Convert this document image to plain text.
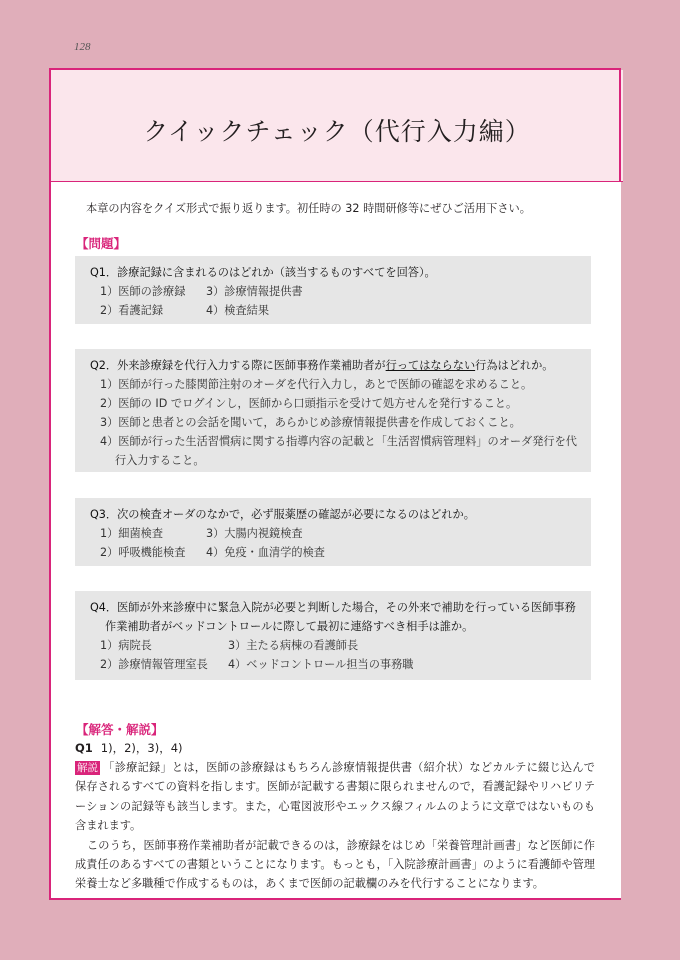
128
クイックチェック（代行入力編）
本章の内容をクイズ形式で振り返ります。初任時の 32 時間研修等にぜひご活用下さい。
【問題】
Q1．診療記録に含まれるのはどれか（該当するものすべてを回答）。
1）医師の診療録 3）診療情報提供書
2）看護記録	4）検査結果
Q2．外来診療録を代行入力する際に医師事務作業補助者が行ってはならない行為はどれか。
1）医師が行った膝関節注射のオーダを代行入力し，あとで医師の確認を求めること。
2）医師の ID でログインし，医師から口頭指示を受けて処方せんを発行すること。
3）医師と患者との会話を聞いて，あらかじめ診療情報提供書を作成しておくこと。
4）医師が行った生活習慣病に関する指導内容の記載と「生活習慣病管理料」のオーダ発行を代
行入力すること。
Q3．次の検査オーダのなかで，必ず服薬歴の確認が必要になるのはどれか。
1）細菌検査	3）大腸内視鏡検査
2）呼吸機能検査 4）免疫・血清学的検査
Q4．医師が外来診療中に緊急入院が必要と判断した場合，その外来で補助を行っている医師事務
作業補助者がベッドコントロールに際して最初に連絡すべき相手は誰か。
1）病院長	3）主たる病棟の看護師長
2）診療情報管理室長 4）ベッドコントロール担当の事務職
【解答・解説】
Q1 1)，2)，3)，4)

解説 「診療記録」とは，医師の診療録はもちろん診療情報提供書（紹介状）などカルテに綴じ込んで保存されるすべての資料を指します。医師が記載する書類に限られませんので，看護記録やリハビリテーションの記録等も該当します。また，心電図波形やエックス線フィルムのように文章ではないものも含まれます。

このうち，医師事務作業補助者が記載できるのは，診療録をはじめ「栄養管理計画書」など医師に作成責任のあるすべての書類ということになります。もっとも，「入院診療計画書」のように看護師や管理栄養士など多職種で作成するものは，あくまで医師の記載欄のみを代行することになります。
